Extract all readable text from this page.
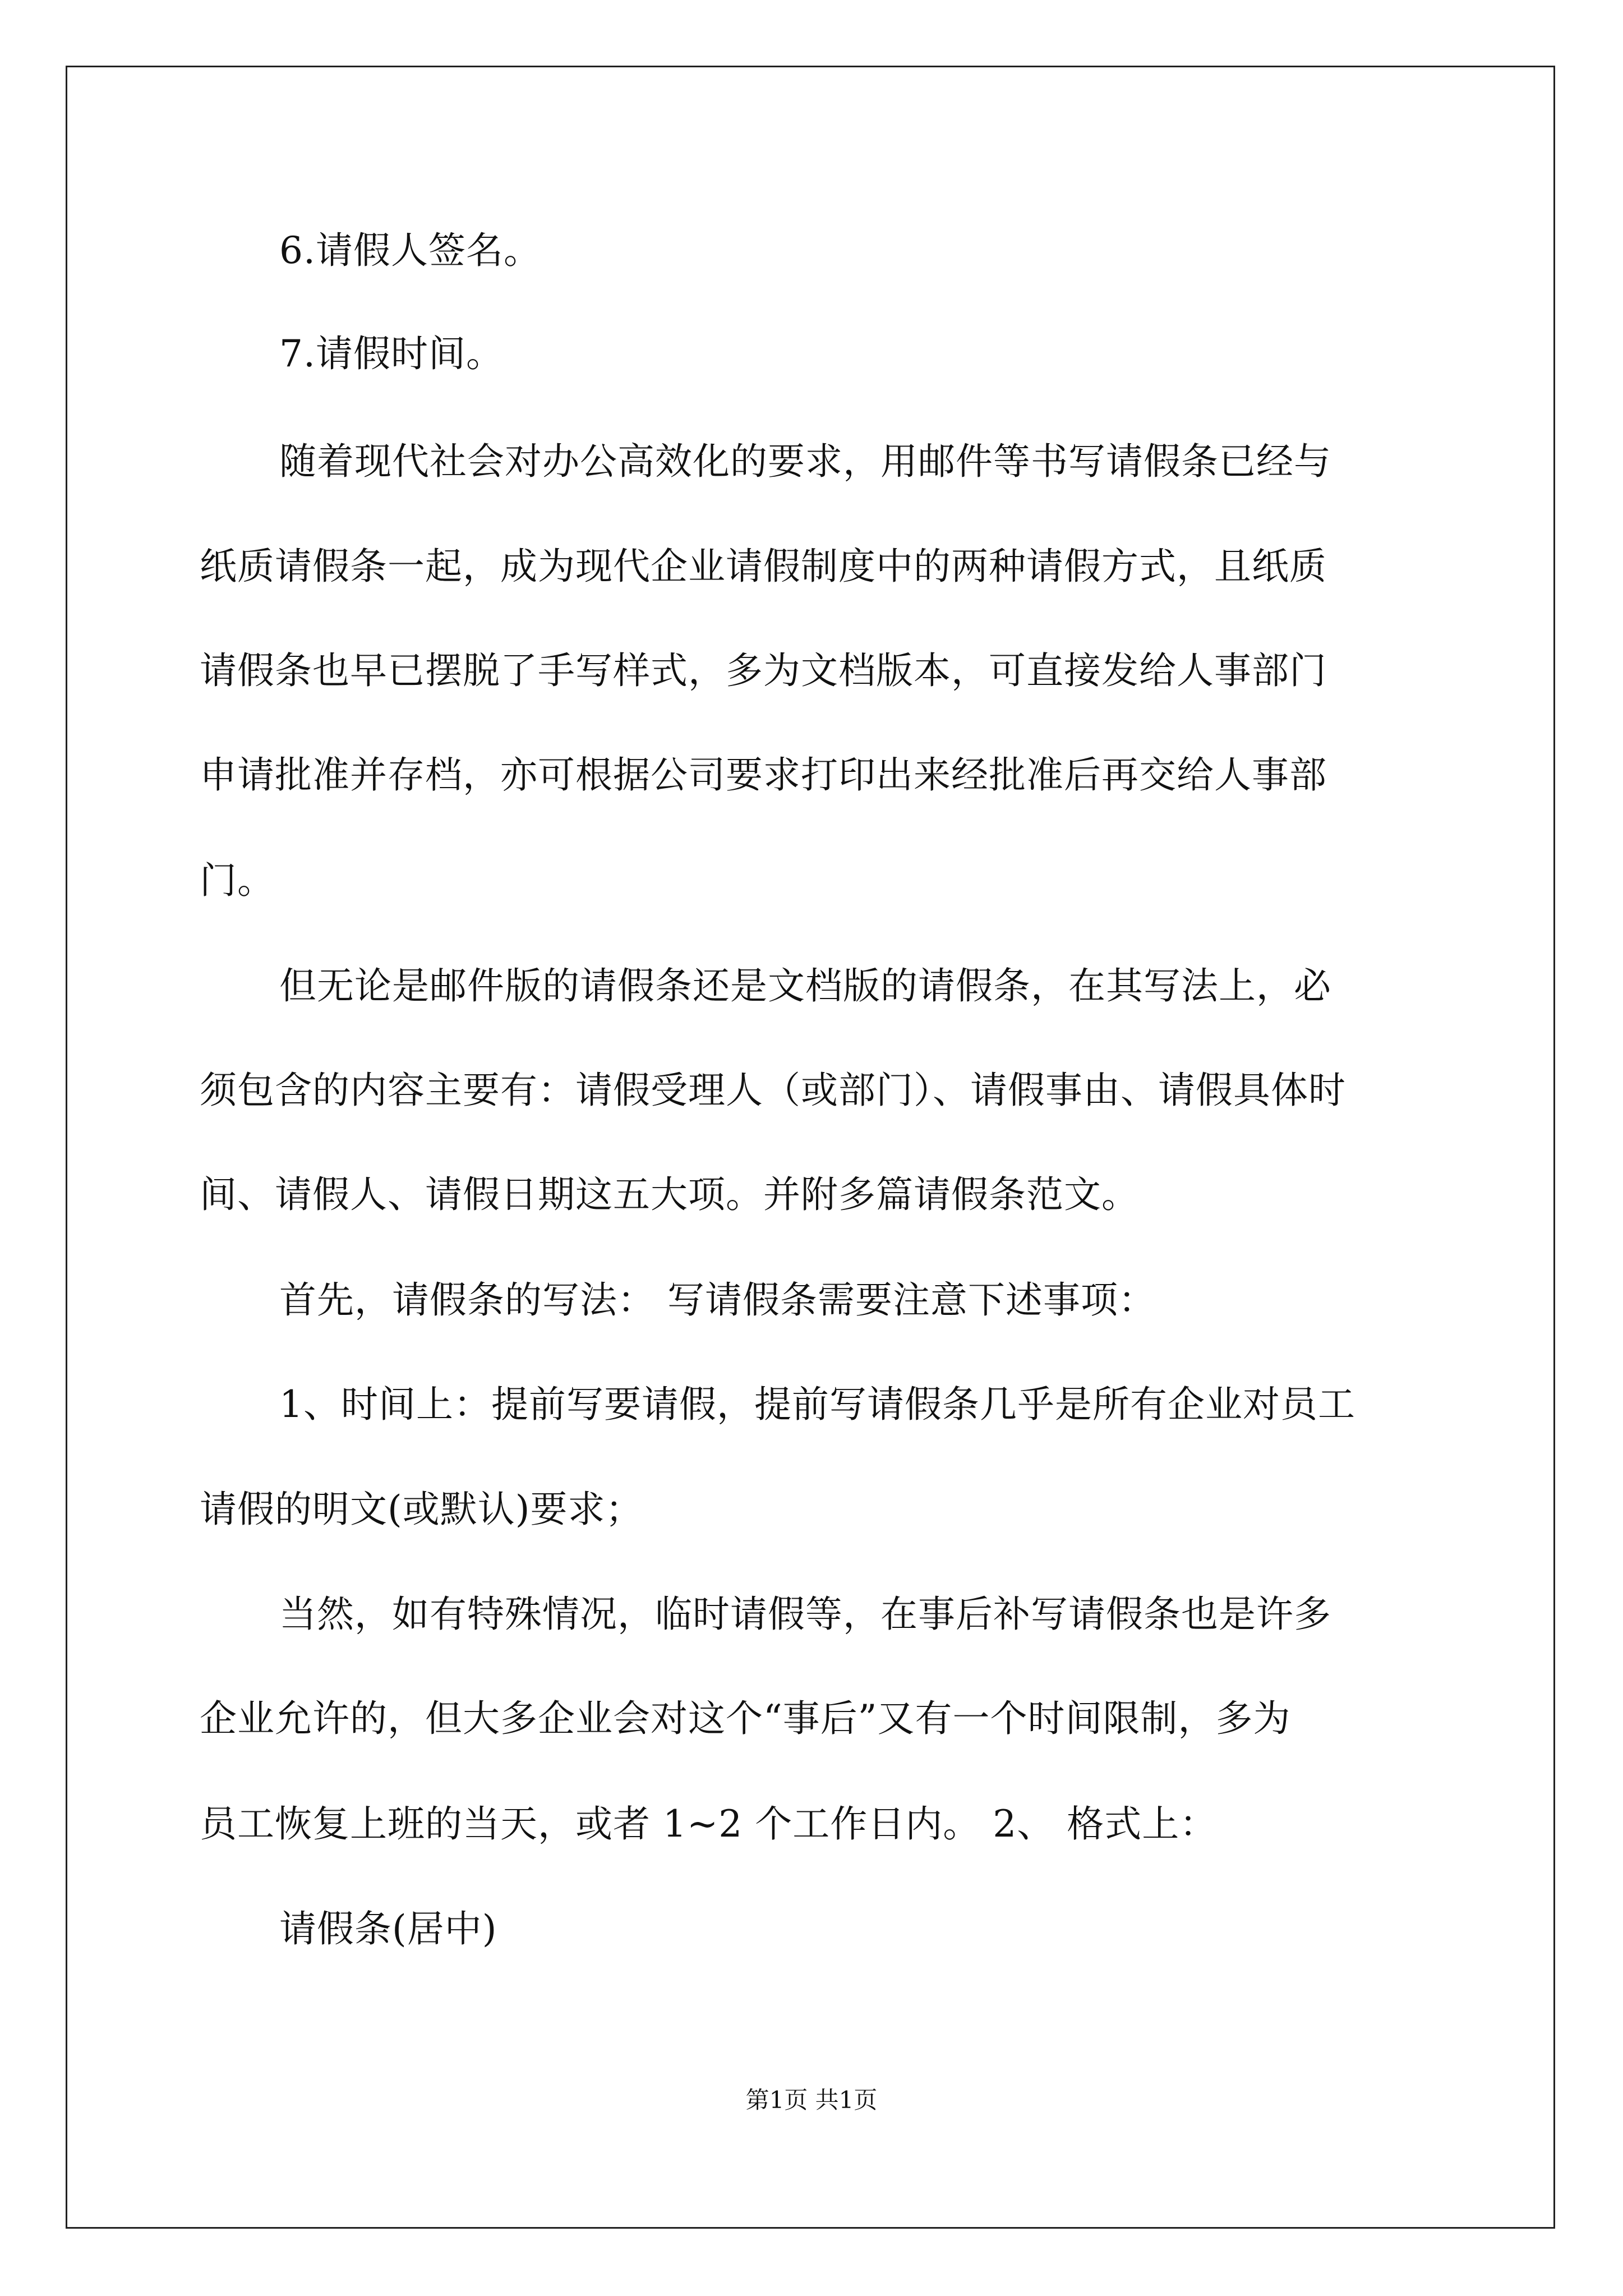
6.请假人签名。

7.请假时间。

随着现代社会对办公高效化的要求，用邮件等书写请假条已经与

纸质请假条一起，成为现代企业请假制度中的两种请假方式，且纸质

请假条也早已摆脱了手写样式，多为文档版本，可直接发给人事部门

申请批准并存档，亦可根据公司要求打印出来经批准后再交给人事部

门。

但无论是邮件版的请假条还是文档版的请假条，在其写法上，必

须包含的内容主要有：请假受理人（或部门）、请假事由、请假具体时

间、请假人、请假日期这五大项。并附多篇请假条范文。

首先，请假条的写法： 写请假条需要注意下述事项：

1、时间上：提前写要请假，提前写请假条几乎是所有企业对员工

请假的明文(或默认)要求；

当然，如有特殊情况，临时请假等，在事后补写请假条也是许多

企业允许的，但大多企业会对这个“事后”又有一个时间限制，多为

员工恢复上班的当天，或者 1~2 个工作日内。 2、 格式上：

请假条(居中)

第1页 共1页
